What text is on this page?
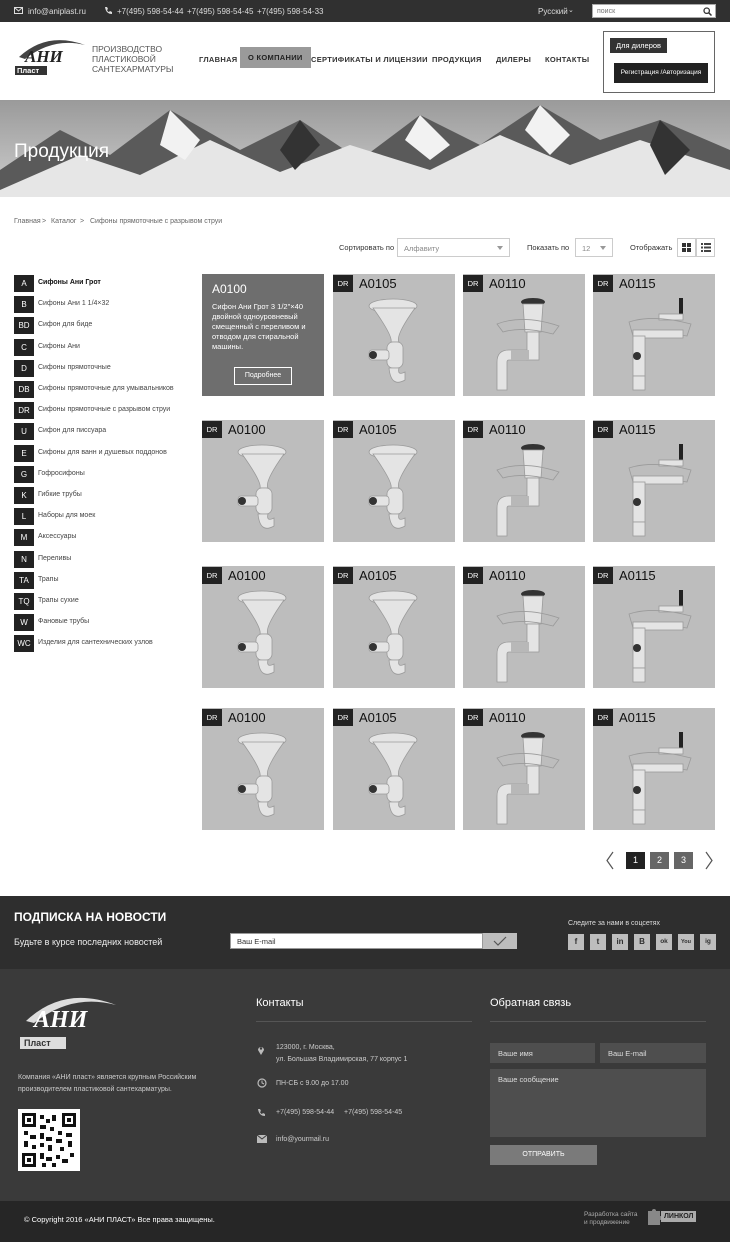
info@aniplast.ru	+7(495) 598-54-44 +7(495) 598-54-45 +7(495) 598-54-33	Русский ⌄
поиск
АНИ
Пласт
ПРОИЗВОДСТВО
ПЛАСТИКОВОЙ
САНТЕХАРМАТУРЫ
ГЛАВНАЯ	О КОМПАНИИ	СЕРТИФИКАТЫ И ЛИЦЕНЗИИ ПРОДУКЦИЯ ДИЛЕРЫ КОНТАКТЫ
Для дилеров
Регистрация /Авторизация
Продукция
Главная > Каталог > Сифоны прямоточные с разрывом струи
Сортировать по	Алфавиту	Показать по	12	Отображать
A	Сифоны Ани Грот
B	Сифоны Ани 1 1/4×32
BD	Сифон для биде
C	Сифоны Ани
D	Сифоны прямоточные
DB	Сифоны прямоточные для умывальников
DR	Сифоны прямоточные с разрывом струи
U	Сифон для писсуара
E	Сифоны для ванн и душевых поддонов
G	Гофросифоны
K	Гибкие трубы
L	Наборы для моек
M	Аксессуары
N	Переливы
TA	Трапы
TQ	Трапы сухие
W	Фановые трубы
WC	Изделия для сантехнических узлов
A0100
Сифон Ани Грот 3 1/2"×40 двойной одноуровневый смещенный с переливом и отводом для стиральной машины.
Подробнее
DR A0105	DR A0110	DR A0115
DR A0100	DR A0105	DR A0110	DR A0115
DR A0100	DR A0105	DR A0110	DR A0115
DR A0100	DR A0105	DR A0110	DR A0115
1	2	3
ПОДПИСКА НА НОВОСТИ
Будьте в курсе последних новостей	Ваш E-mail
Следите за нами в соцсетях
f	t	in	B	ok	You	ig
АНИ
Пласт
Компания «АНИ пласт» является крупным Российским
производителем пластиковой сантехарматуры.
Контакты
123000, г. Москва,
ул. Большая Владимирская, 77 корпус 1
ПН-СБ с 9.00 до 17.00
+7(495) 598-54-44 +7(495) 598-54-45
info@yourmail.ru
Обратная связь
Ваше имя	Ваш E-mail
Ваше сообщение
ОТПРАВИТЬ
© Copyright 2016 «АНИ ПЛАСТ» Все права защищены.
Разработка сайта
и продвижение
ЛИНКОЛ
